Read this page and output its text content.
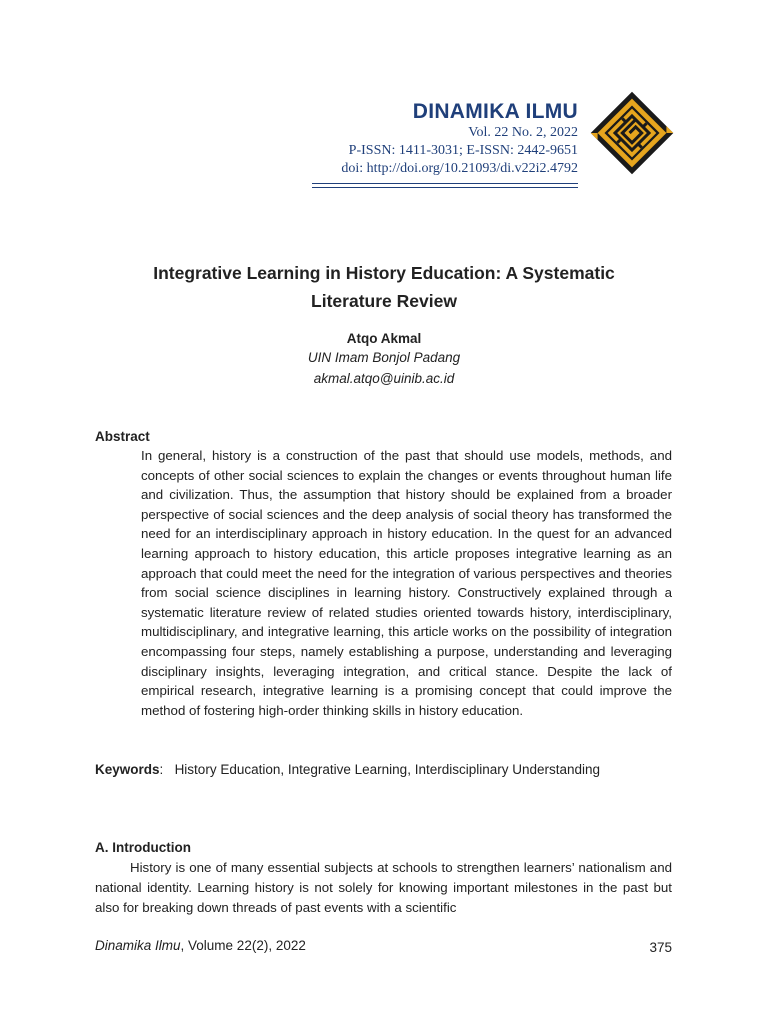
DINAMIKA ILMU
Vol. 22 No. 2, 2022
P-ISSN: 1411-3031; E-ISSN: 2442-9651
doi: http://doi.org/10.21093/di.v22i2.4792
Integrative Learning in History Education: A Systematic
Literature Review
Atqo Akmal
UIN Imam Bonjol Padang
akmal.atqo@uinib.ac.id
Abstract
In general, history is a construction of the past that should use models, methods, and concepts of other social sciences to explain the changes or events throughout human life and civilization. Thus, the assumption that history should be explained from a broader perspective of social sciences and the deep analysis of social theory has transformed the need for an interdisciplinary approach in history education. In the quest for an advanced learning approach to history education, this article proposes integrative learning as an approach that could meet the need for the integration of various perspectives and theories from social science disciplines in learning history. Constructively explained through a systematic literature review of related studies oriented towards history, interdisciplinary, multidisciplinary, and integrative learning, this article works on the possibility of integration encompassing four steps, namely establishing a purpose, understanding and leveraging disciplinary insights, leveraging integration, and critical stance. Despite the lack of empirical research, integrative learning is a promising concept that could improve the method of fostering high-order thinking skills in history education.
Keywords: History Education, Integrative Learning, Interdisciplinary Understanding
A. Introduction
History is one of many essential subjects at schools to strengthen learners’ nationalism and national identity. Learning history is not solely for knowing important milestones in the past but also for breaking down threads of past events with a scientific
Dinamika Ilmu, Volume 22(2), 2022	375
